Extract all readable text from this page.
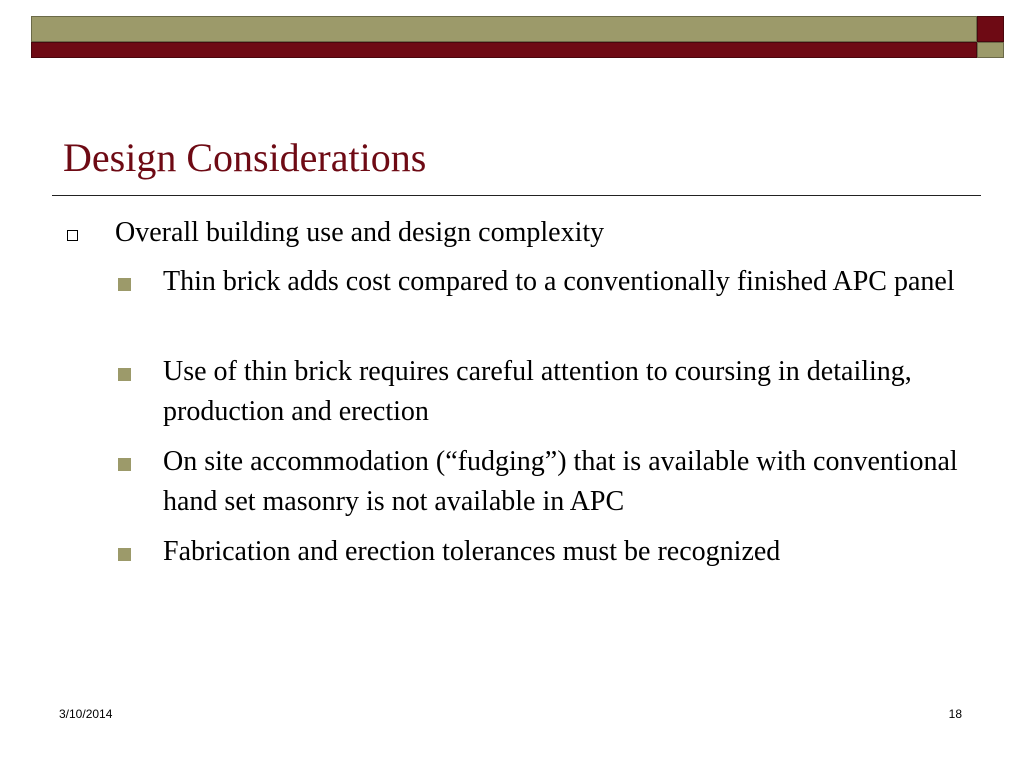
Design Considerations
Overall building use and design complexity
Thin brick adds cost compared to a conventionally finished APC panel
Use of thin brick requires careful attention to coursing in detailing, production and erection
On site accommodation (“fudging”) that is available with conventional hand set masonry is not available in APC
Fabrication and erection tolerances must be recognized
3/10/2014	18
